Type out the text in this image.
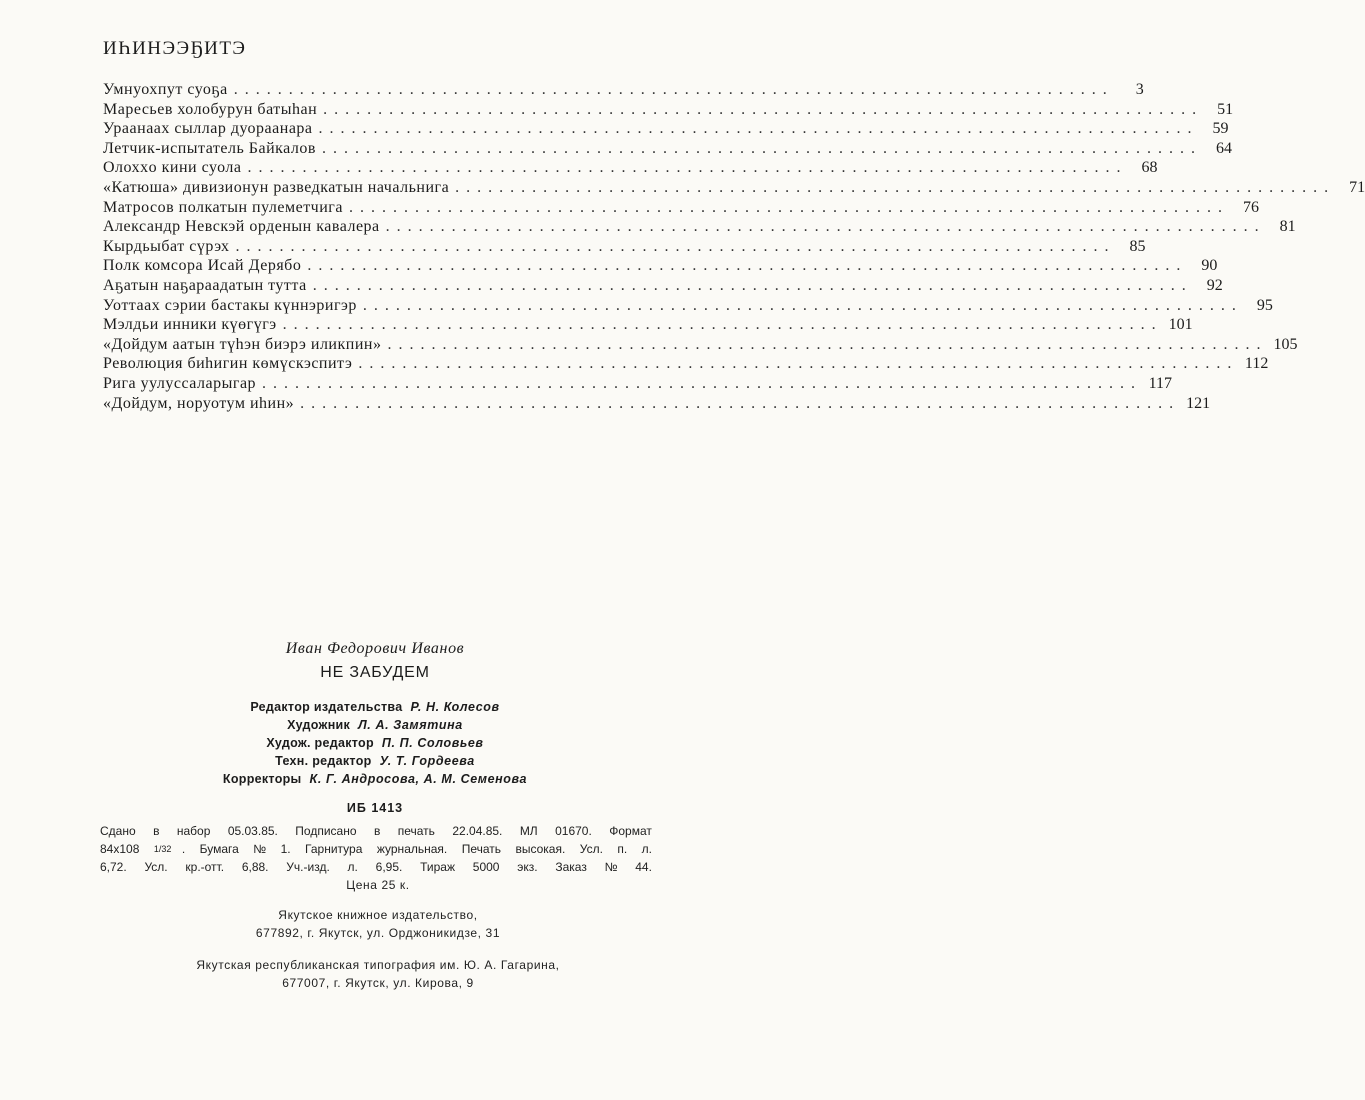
ИҺИНЭЭҔИТЭ
Умнуохпут суоҕа ................................................................................	3
Маресьев холобурун батыһан ................................................................................ 51
Ураанаах сыллар дуораанара ................................................................................ 59
Летчик-испытатель Байкалов ................................................................................ 64
Олохxо кини суола ................................................................................ 68
«Катюша» дивизионун разведкатын начальнига ................................................................................ 71
Матросов полкатын пулеметчига ................................................................................ 76
Александр Невскэй орденын кавалера ................................................................................ 81
Кырдьыбат сүрэх ................................................................................ 85
Полк комсора Исай Дерябо ................................................................................ 90
Аҕатын наҕараадатын тутта ................................................................................ 92
Уоттаах сэрии бастакы күннэригэр ................................................................................ 95
Мэлдьи инники күөгүгэ ................................................................................ 101
«Дойдум аатын түһэн биэрэ иликпин» ................................................................................ 105
Революция биһигин көмүскэспитэ ................................................................................ 112
Рига уулуссаларыгар ................................................................................ 117
«Дойдум, норуотум иһин» ................................................................................ 121
Иван Федорович Иванов
НЕ ЗАБУДЕМ
Редактор издательства Р. Н. Колесов
Художник Л. А. Замятина
Худож. редактор П. П. Соловьев
Техн. редактор У. Т. Гордеева
Корректоры К. Г. Андросова, А. М. Семенова
ИБ 1413
Сдано в набор 05.03.85. Подписано в печать 22.04.85. МЛ 01670. Формат
84x108 1/32 . Бумага № 1. Гарнитура журнальная. Печать высокая. Усл. п. л.
6,72. Усл. кр.-отт. 6,88. Уч.-изд. л. 6,95. Тираж 5000 экз. Заказ № 44.
Цена 25 к.
Якутское книжное издательство,
677892, г. Якутск, ул. Орджоникидзе, 31
Якутская республиканская типография им. Ю. А. Гагарина,
677007, г. Якутск, ул. Кирова, 9
